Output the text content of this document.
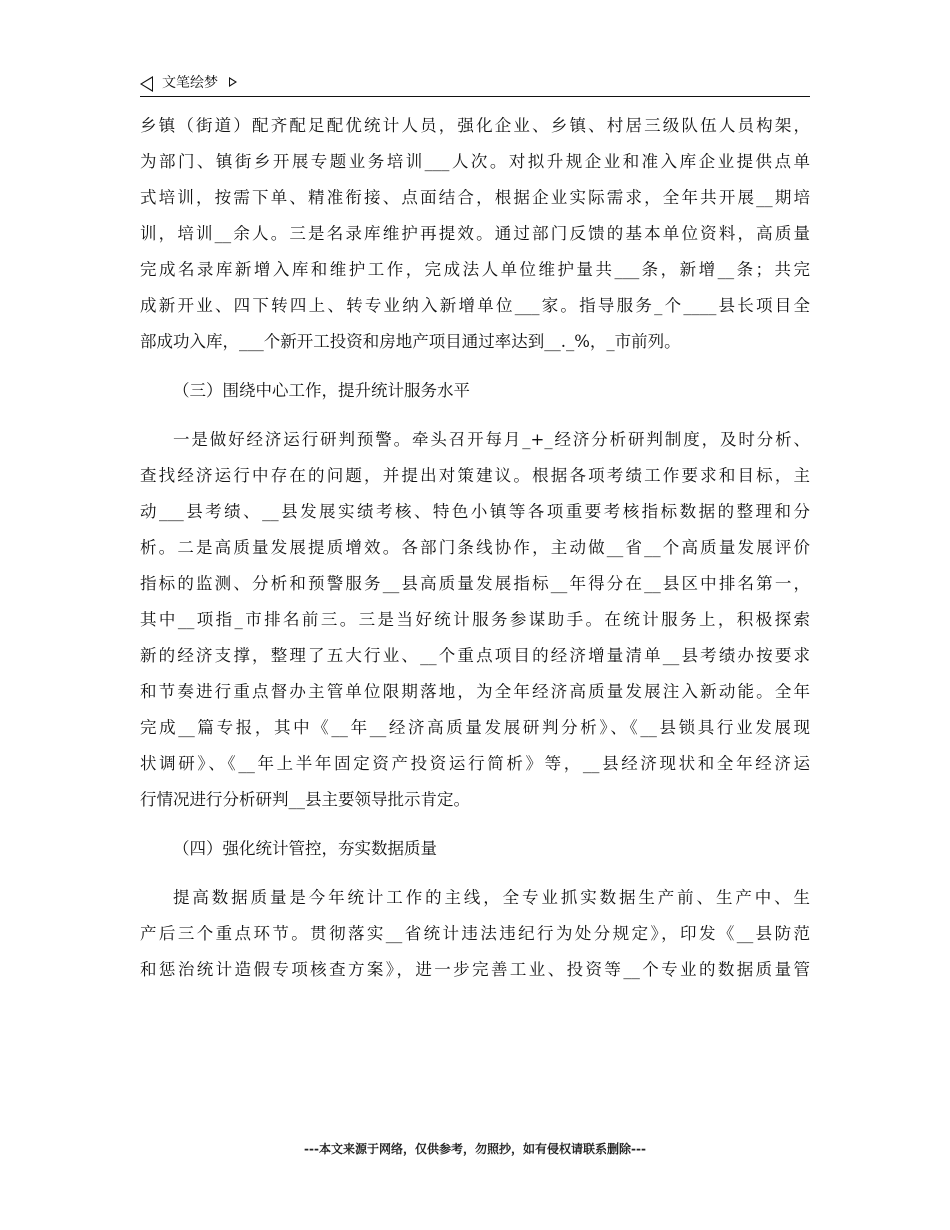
文笔绘梦
乡镇（街道）配齐配足配优统计人员，强化企业、乡镇、村居三级队伍人员构架，
为部门、镇街乡开展专题业务培训___人次。对拟升规企业和准入库企业提供点单
式培训，按需下单、精准衔接、点面结合，根据企业实际需求，全年共开展__期培
训，培训__余人。三是名录库维护再提效。通过部门反馈的基本单位资料，高质量
完成名录库新增入库和维护工作，完成法人单位维护量共___条，新增__条；共完
成新开业、四下转四上、转专业纳入新增单位___家。指导服务_个____县长项目全
部成功入库，___个新开工投资和房地产项目通过率达到__._%，_市前列。
（三）围绕中心工作，提升统计服务水平
一是做好经济运行研判预警。牵头召开每月_+_经济分析研判制度，及时分析、
查找经济运行中存在的问题，并提出对策建议。根据各项考绩工作要求和目标，主
动___县考绩、__县发展实绩考核、特色小镇等各项重要考核指标数据的整理和分
析。二是高质量发展提质增效。各部门条线协作，主动做__省__个高质量发展评价
指标的监测、分析和预警服务__县高质量发展指标__年得分在__县区中排名第一，
其中__项指_市排名前三。三是当好统计服务参谋助手。在统计服务上，积极探索
新的经济支撑，整理了五大行业、__个重点项目的经济增量清单__县考绩办按要求
和节奏进行重点督办主管单位限期落地，为全年经济高质量发展注入新动能。全年
完成__篇专报，其中《__年__经济高质量发展研判分析》、《__县锁具行业发展现
状调研》、《__年上半年固定资产投资运行简析》等，__县经济现状和全年经济运
行情况进行分析研判__县主要领导批示肯定。
（四）强化统计管控，夯实数据质量
提高数据质量是今年统计工作的主线，全专业抓实数据生产前、生产中、生
产后三个重点环节。贯彻落实__省统计违法违纪行为处分规定》，印发《__县防范
和惩治统计造假专项核查方案》，进一步完善工业、投资等__个专业的数据质量管
---本文来源于网络，仅供参考，勿照抄，如有侵权请联系删除---
